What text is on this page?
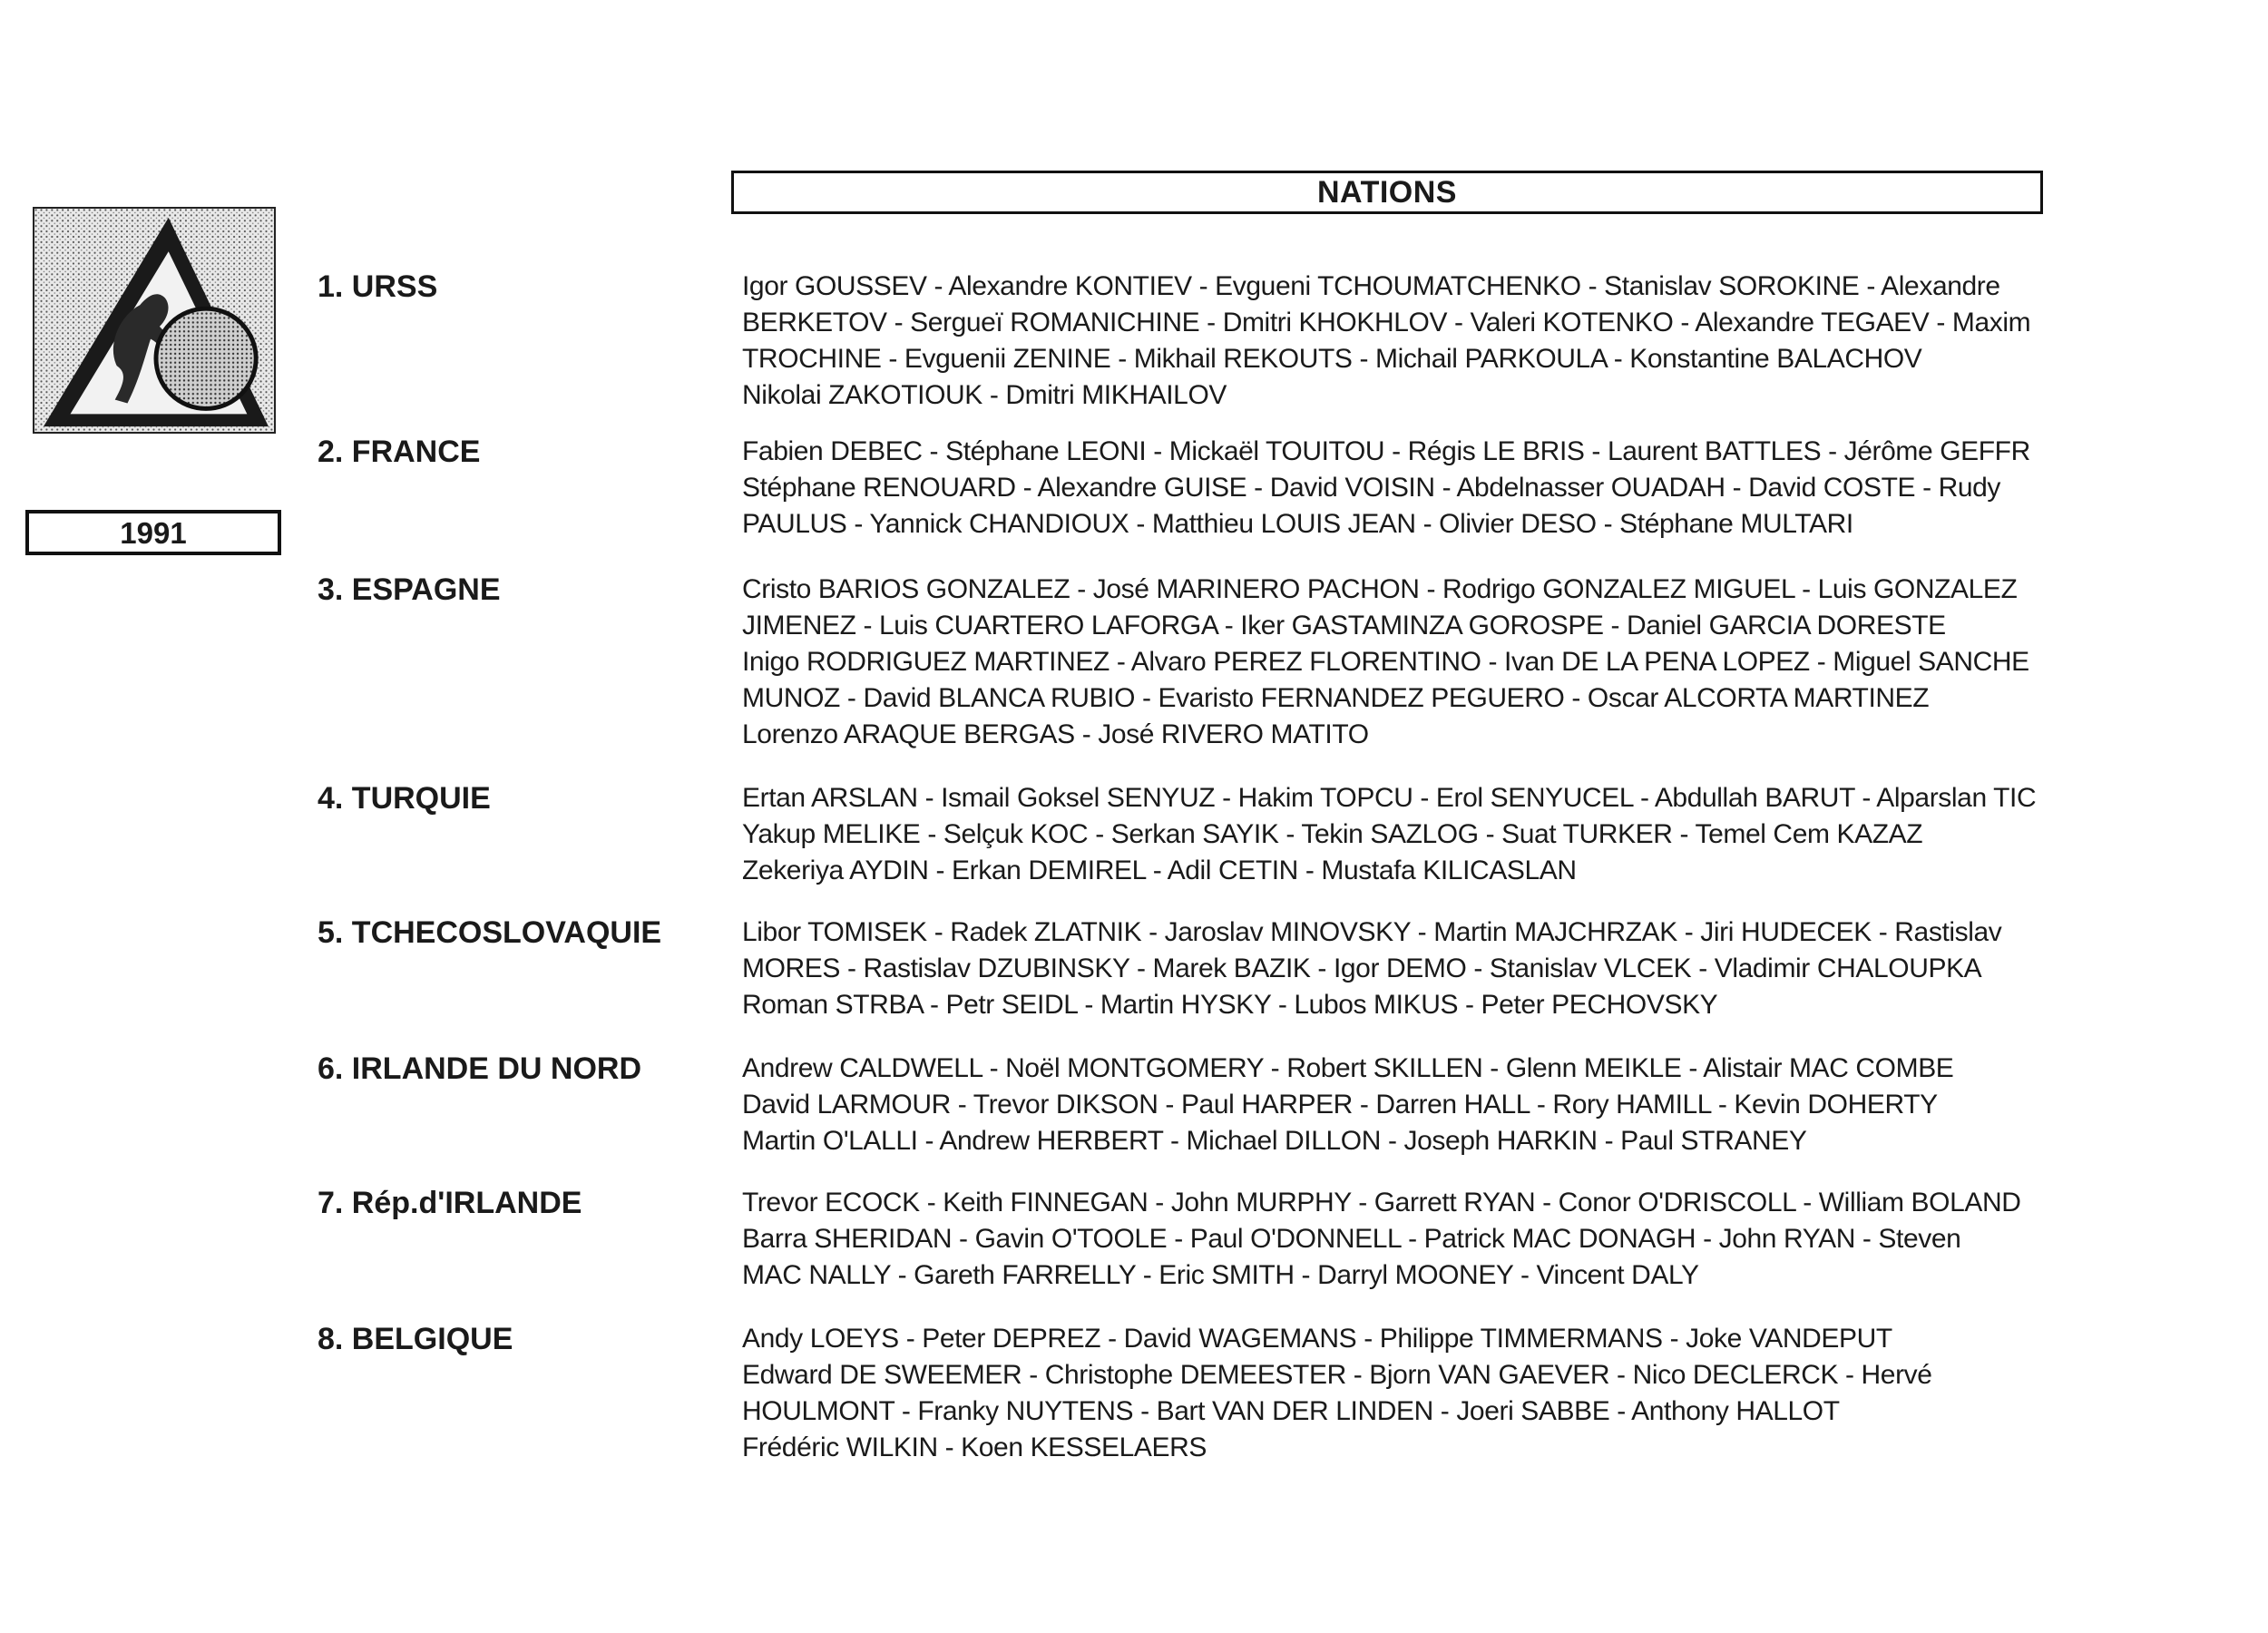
1991
NATIONS
1. URSS	Igor GOUSSEV - Alexandre KONTIEV - Evgueni TCHOUMATCHENKO - Stanislav SOROKINE - Alexandre
BERKETOV - Sergueï ROMANICHINE - Dmitri KHOKHLOV - Valeri KOTENKO - Alexandre TEGAEV - Maxim
TROCHINE - Evguenii ZENINE - Mikhail REKOUTS - Michail PARKOULA - Konstantine BALACHOV
Nikolai ZAKOTIOUK - Dmitri MIKHAILOV
2. FRANCE	Fabien DEBEC - Stéphane LEONI - Mickaël TOUITOU - Régis LE BRIS - Laurent BATTLES - Jérôme GEFFR
Stéphane RENOUARD - Alexandre GUISE - David VOISIN - Abdelnasser OUADAH - David COSTE - Rudy
PAULUS - Yannick CHANDIOUX - Matthieu LOUIS JEAN - Olivier DESO - Stéphane MULTARI
3. ESPAGNE	Cristo BARIOS GONZALEZ - José MARINERO PACHON - Rodrigo GONZALEZ MIGUEL - Luis GONZALEZ
JIMENEZ - Luis CUARTERO LAFORGA - Iker GASTAMINZA GOROSPE - Daniel GARCIA DORESTE
Inigo RODRIGUEZ MARTINEZ - Alvaro PEREZ FLORENTINO - Ivan DE LA PENA LOPEZ - Miguel SANCHE
MUNOZ - David BLANCA RUBIO - Evaristo FERNANDEZ PEGUERO - Oscar ALCORTA MARTINEZ
Lorenzo ARAQUE BERGAS - José RIVERO MATITO
4. TURQUIE	Ertan ARSLAN - Ismail Goksel SENYUZ - Hakim TOPCU - Erol SENYUCEL - Abdullah BARUT - Alparslan TIC
Yakup MELIKE - Selçuk KOC - Serkan SAYIK - Tekin SAZLOG - Suat TURKER - Temel Cem KAZAZ
Zekeriya AYDIN - Erkan DEMIREL - Adil CETIN - Mustafa KILICASLAN
5. TCHECOSLOVAQUIE	Libor TOMISEK - Radek ZLATNIK - Jaroslav MINOVSKY - Martin MAJCHRZAK - Jiri HUDECEK - Rastislav
MORES - Rastislav DZUBINSKY - Marek BAZIK - Igor DEMO - Stanislav VLCEK - Vladimir CHALOUPKA
Roman STRBA - Petr SEIDL - Martin HYSKY - Lubos MIKUS - Peter PECHOVSKY
6. IRLANDE DU NORD	Andrew CALDWELL - Noël MONTGOMERY - Robert SKILLEN - Glenn MEIKLE - Alistair MAC COMBE
David LARMOUR - Trevor DIKSON - Paul HARPER - Darren HALL - Rory HAMILL - Kevin DOHERTY
Martin O'LALLI - Andrew HERBERT - Michael DILLON - Joseph HARKIN - Paul STRANEY
7. Rép.d'IRLANDE	Trevor ECOCK - Keith FINNEGAN - John MURPHY - Garrett RYAN - Conor O'DRISCOLL - William BOLAND
Barra SHERIDAN - Gavin O'TOOLE - Paul O'DONNELL - Patrick MAC DONAGH - John RYAN - Steven
MAC NALLY - Gareth FARRELLY - Eric SMITH - Darryl MOONEY - Vincent DALY
8. BELGIQUE	Andy LOEYS - Peter DEPREZ - David WAGEMANS - Philippe TIMMERMANS - Joke VANDEPUT
Edward DE SWEEMER - Christophe DEMEESTER - Bjorn VAN GAEVER - Nico DECLERCK - Hervé
HOULMONT - Franky NUYTENS - Bart VAN DER LINDEN - Joeri SABBE - Anthony HALLOT
Frédéric WILKIN - Koen KESSELAERS
